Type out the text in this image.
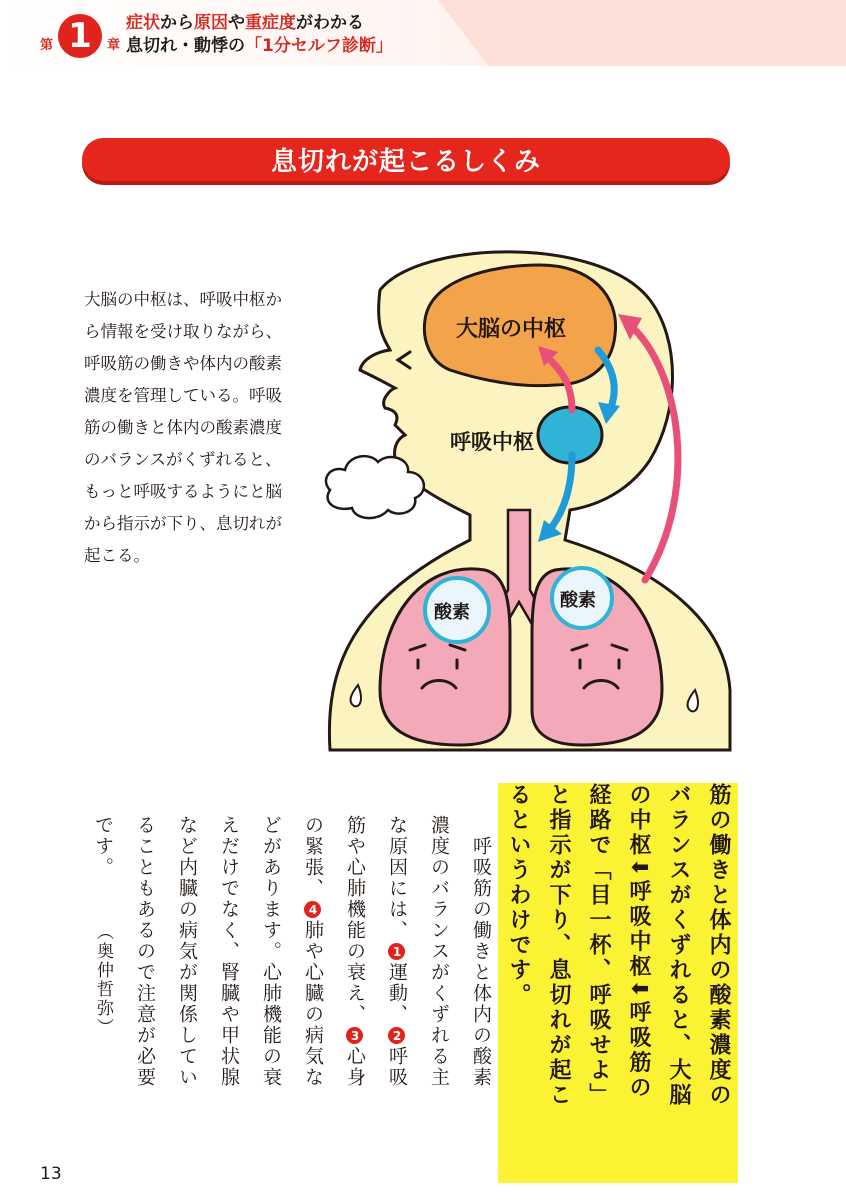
第 1	章
症状から原因や重症度がわかる
息切れ・動悸の「1分セルフ診断」
息切れが起こるしくみ

大脳の中枢は、呼吸中枢から情報を受け取りながら、呼吸筋の働きや体内の酸素濃度を管理している。呼吸筋の働きと体内の酸素濃度のバランスがくずれると、もっと呼吸するようにと脳から指示が下り、息切れが起こる。

大脳の中枢
呼吸中枢
酸素
酸素
筋の働きと体内の酸素濃度の
バランスがくずれると、大脳
の中枢⬇呼吸中枢⬇呼吸筋の
経路で「目一杯、呼吸せよ」
と指示が下り、息切れが起こ
るというわけです。
　呼吸筋の働きと体内の酸素
濃度のバランスがくずれる主
な原因には、1運動、2呼吸
筋や心肺機能の衰え、3心身
の緊張、4肺や心臓の病気な
どがあります。心肺機能の衰
えだけでなく、腎臓や甲状腺
など内臓の病気が関係してい
ることもあるので注意が必要
です。　　　（奥仲哲弥）
13
